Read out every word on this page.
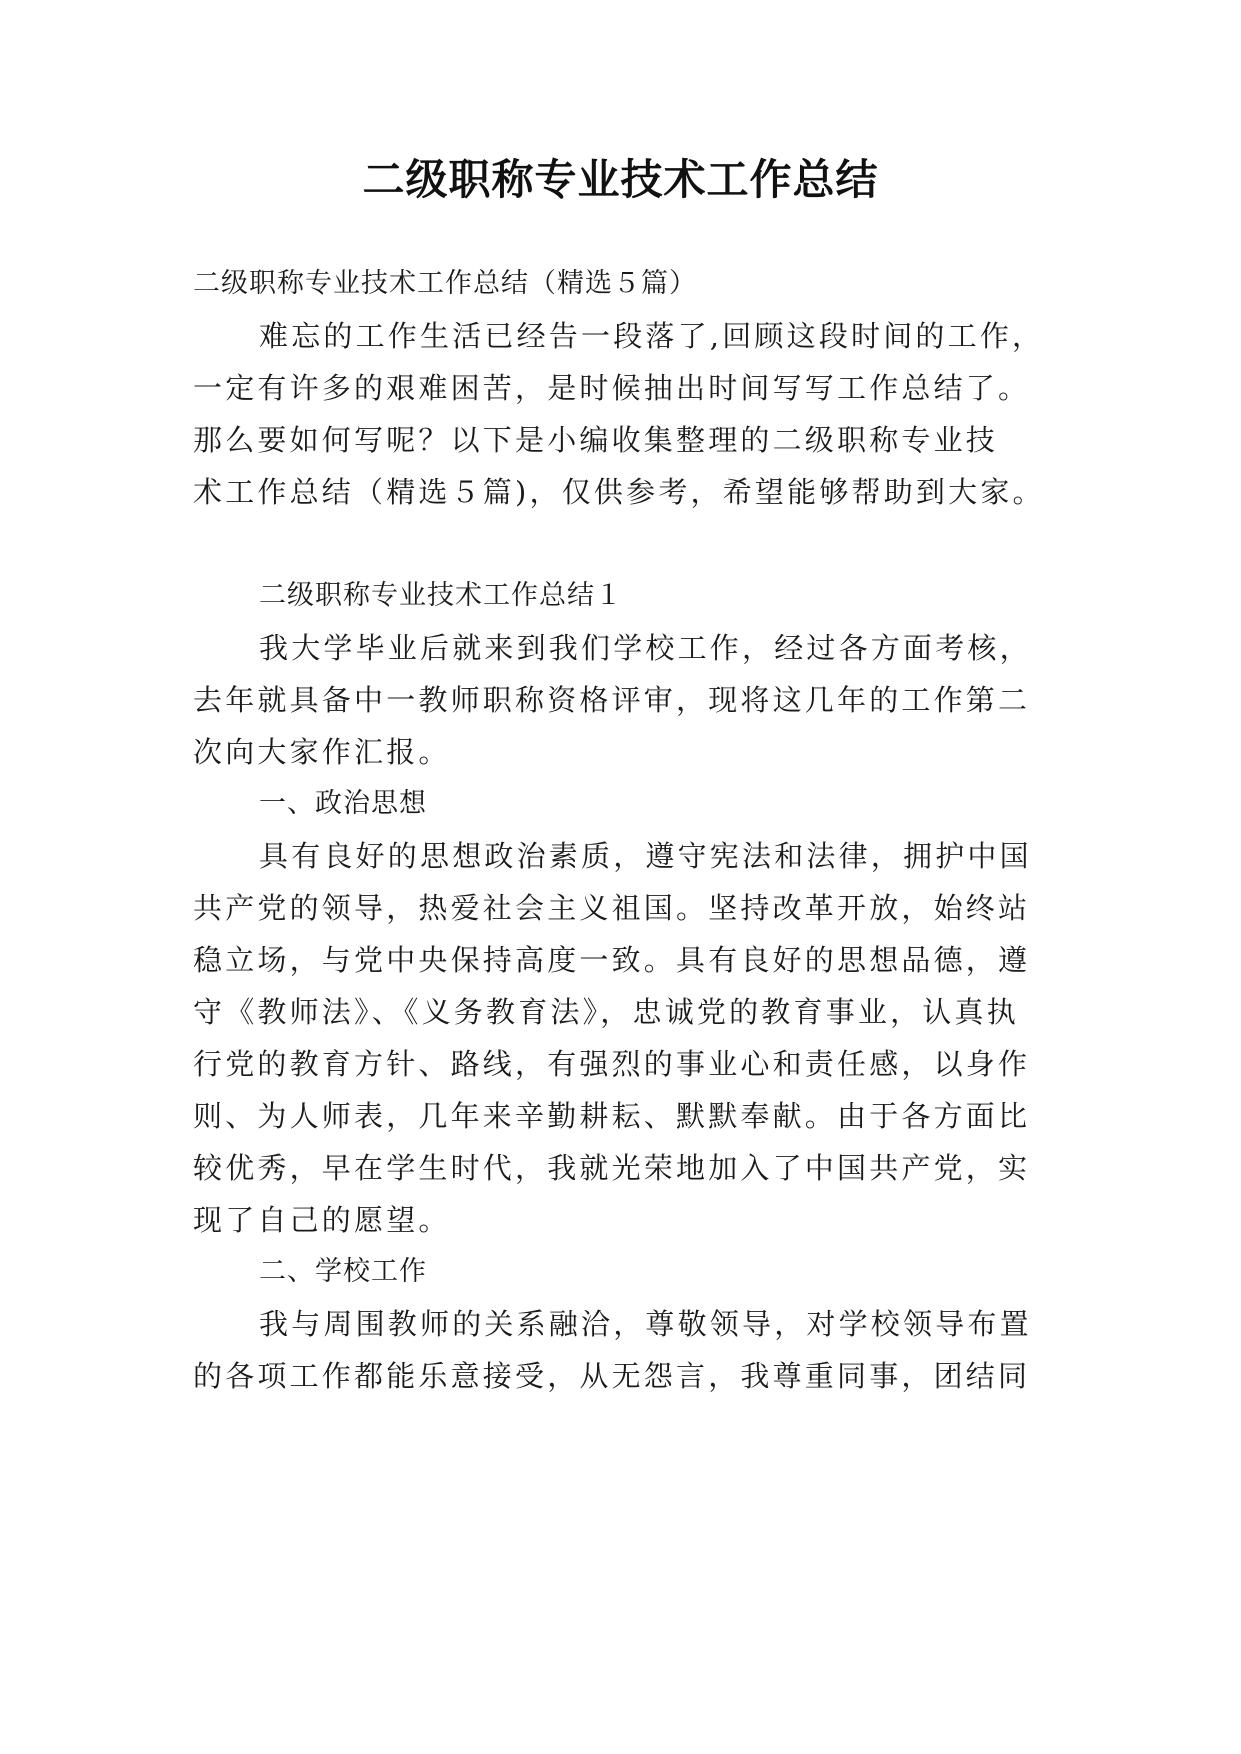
二级职称专业技术工作总结
二级职称专业技术工作总结（精选５篇）
难忘的工作生活已经告一段落了,回顾这段时间的工作，
一定有许多的艰难困苦，是时候抽出时间写写工作总结了。
那么要如何写呢？以下是小编收集整理的二级职称专业技
术工作总结（精选５篇)，仅供参考，希望能够帮助到大家。
二级职称专业技术工作总结１
我大学毕业后就来到我们学校工作，经过各方面考核，
去年就具备中一教师职称资格评审，现将这几年的工作第二
次向大家作汇报。
一、政治思想
具有良好的思想政治素质，遵守宪法和法律，拥护中国
共产党的领导，热爱社会主义祖国。坚持改革开放，始终站
稳立场，与党中央保持高度一致。具有良好的思想品德，遵
守《教师法》、《义务教育法》，忠诚党的教育事业，认真执
行党的教育方针、路线，有强烈的事业心和责任感，以身作
则、为人师表，几年来辛勤耕耘、默默奉献。由于各方面比
较优秀，早在学生时代，我就光荣地加入了中国共产党，实
现了自己的愿望。
二、学校工作
我与周围教师的关系融洽，尊敬领导，对学校领导布置
的各项工作都能乐意接受，从无怨言，我尊重同事，团结同
